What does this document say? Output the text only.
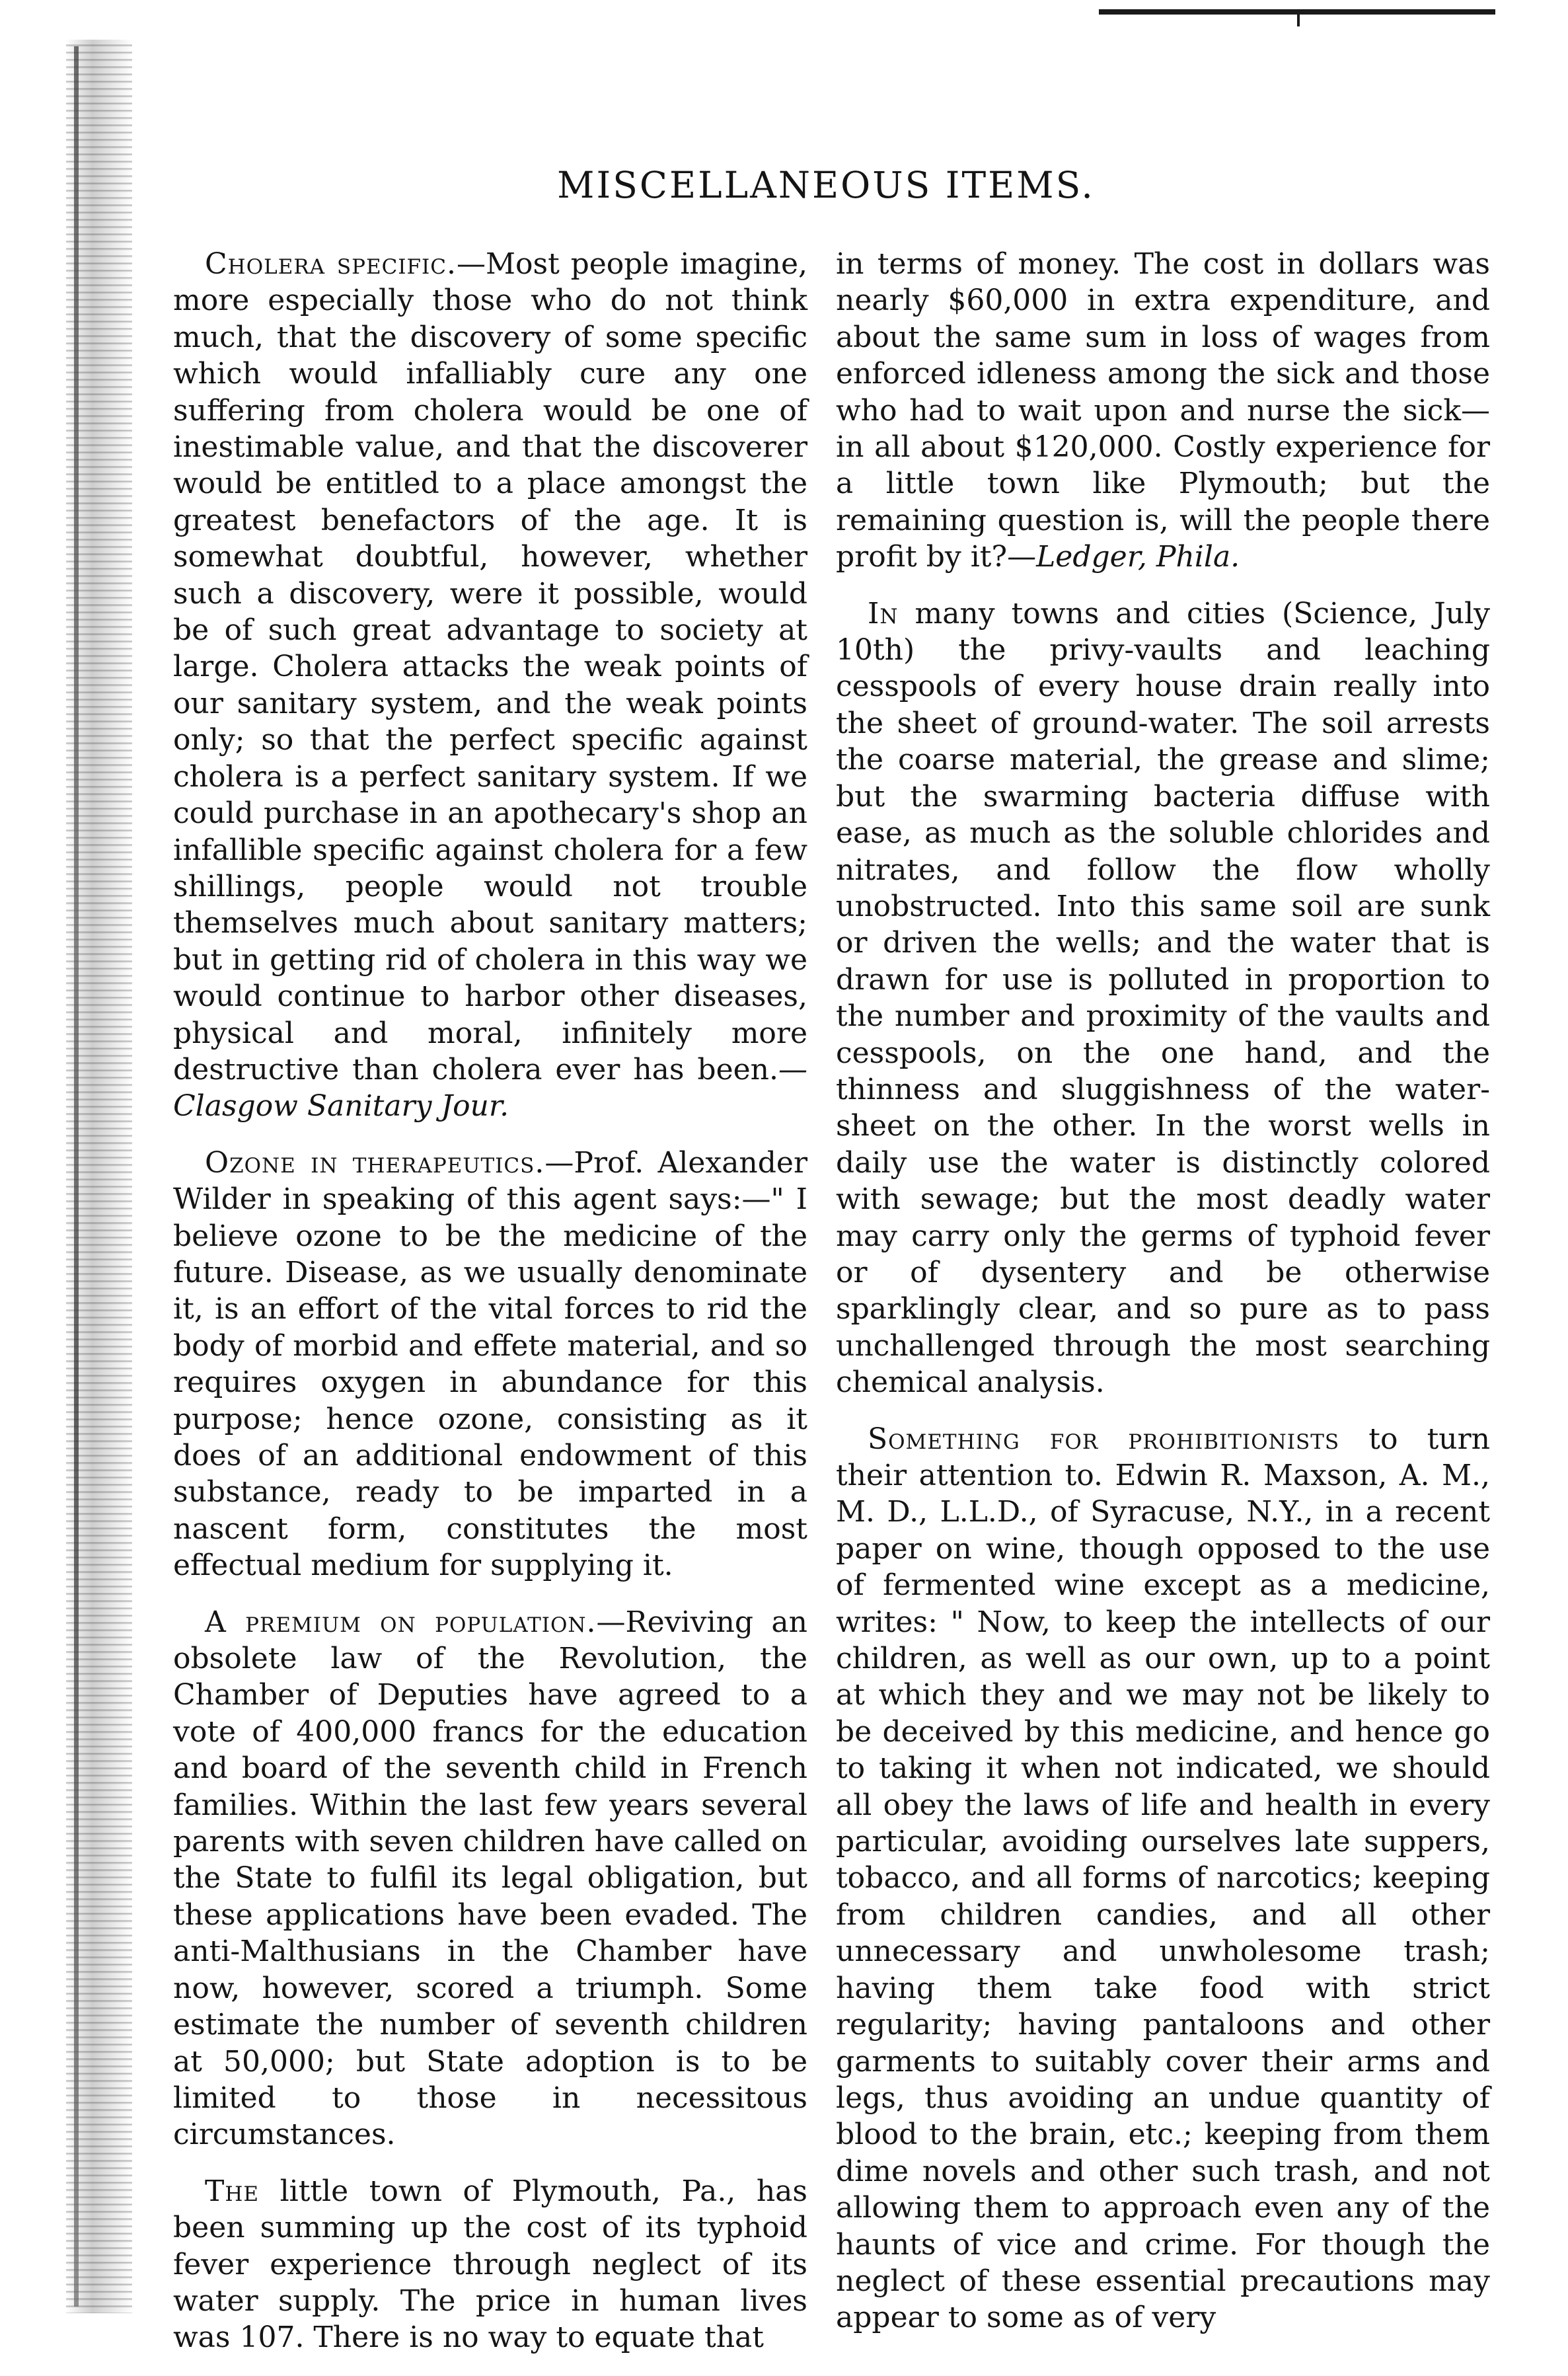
MISCELLANEOUS ITEMS.

Cholera specific.—Most people imagine, more especially those who do not think much, that the discovery of some specific which would infalliably cure any one suffering from cholera would be one of inestimable value, and that the discoverer would be entitled to a place amongst the greatest benefactors of the age. It is somewhat doubtful, however, whether such a discovery, were it possible, would be of such great advantage to society at large. Cholera attacks the weak points of our sanitary system, and the weak points only; so that the perfect specific against cholera is a perfect sanitary system. If we could purchase in an apothecary's shop an infallible specific against cholera for a few shillings, people would not trouble themselves much about sanitary matters; but in getting rid of cholera in this way we would continue to harbor other diseases, physical and moral, infinitely more destructive than cholera ever has been.—Clasgow Sanitary Jour.

Ozone in therapeutics.—Prof. Alexander Wilder in speaking of this agent says:—" I believe ozone to be the medicine of the future. Disease, as we usually denominate it, is an effort of the vital forces to rid the body of morbid and effete material, and so requires oxygen in abundance for this purpose; hence ozone, consisting as it does of an additional endowment of this substance, ready to be imparted in a nascent form, constitutes the most effectual medium for supplying it.

A premium on population.—Reviving an obsolete law of the Revolution, the Chamber of Deputies have agreed to a vote of 400,000 francs for the education and board of the seventh child in French families. Within the last few years several parents with seven children have called on the State to fulfil its legal obligation, but these applications have been evaded. The anti-Malthusians in the Chamber have now, however, scored a triumph. Some estimate the number of seventh children at 50,000; but State adoption is to be limited to those in necessitous circumstances.

The little town of Plymouth, Pa., has been summing up the cost of its typhoid fever experience through neglect of its water supply. The price in human lives was 107. There is no way to equate that

in terms of money. The cost in dollars was nearly $60,000 in extra expenditure, and about the same sum in loss of wages from enforced idleness among the sick and those who had to wait upon and nurse the sick—in all about $120,000. Costly experience for a little town like Plymouth; but the remaining question is, will the people there profit by it?—Ledger, Phila.

In many towns and cities (Science, July 10th) the privy-vaults and leaching cesspools of every house drain really into the sheet of ground-water. The soil arrests the coarse material, the grease and slime; but the swarming bacteria diffuse with ease, as much as the soluble chlorides and nitrates, and follow the flow wholly unobstructed. Into this same soil are sunk or driven the wells; and the water that is drawn for use is polluted in proportion to the number and proximity of the vaults and cesspools, on the one hand, and the thinness and sluggishness of the water-sheet on the other. In the worst wells in daily use the water is distinctly colored with sewage; but the most deadly water may carry only the germs of typhoid fever or of dysentery and be otherwise sparklingly clear, and so pure as to pass unchallenged through the most searching chemical analysis.

Something for prohibitionists to turn their attention to. Edwin R. Maxson, A. M., M. D., L.L.D., of Syracuse, N.Y., in a recent paper on wine, though opposed to the use of fermented wine except as a medicine, writes: " Now, to keep the intellects of our children, as well as our own, up to a point at which they and we may not be likely to be deceived by this medicine, and hence go to taking it when not indicated, we should all obey the laws of life and health in every particular, avoiding ourselves late suppers, tobacco, and all forms of narcotics; keeping from children candies, and all other unnecessary and unwholesome trash; having them take food with strict regularity; having pantaloons and other garments to suitably cover their arms and legs, thus avoiding an undue quantity of blood to the brain, etc.; keeping from them dime novels and other such trash, and not allowing them to approach even any of the haunts of vice and crime. For though the neglect of these essential precautions may appear to some as of very
